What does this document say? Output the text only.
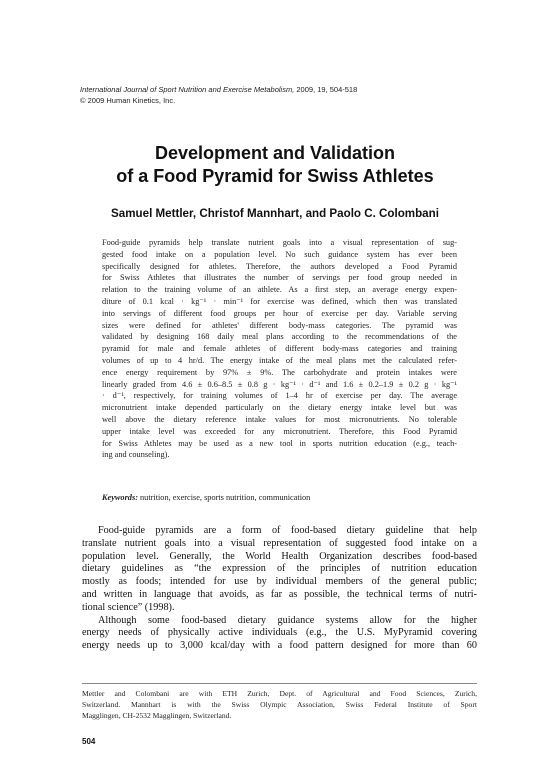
International Journal of Sport Nutrition and Exercise Metabolism, 2009, 19, 504-518
© 2009 Human Kinetics, Inc.
Development and Validation
of a Food Pyramid for Swiss Athletes
Samuel Mettler, Christof Mannhart, and Paolo C. Colombani
Food-guide pyramids help translate nutrient goals into a visual representation of sug-
gested food intake on a population level. No such guidance system has ever been
specifically designed for athletes. Therefore, the authors developed a Food Pyramid
for Swiss Athletes that illustrates the number of servings per food group needed in
relation to the training volume of an athlete. As a first step, an average energy expen-
diture of 0.1 kcal · kg⁻¹ · min⁻¹ for exercise was defined, which then was translated
into servings of different food groups per hour of exercise per day. Variable serving
sizes were defined for athletes' different body-mass categories. The pyramid was
validated by designing 168 daily meal plans according to the recommendations of the
pyramid for male and female athletes of different body-mass categories and training
volumes of up to 4 hr/d. The energy intake of the meal plans met the calculated refer-
ence energy requirement by 97% ± 9%. The carbohydrate and protein intakes were
linearly graded from 4.6 ± 0.6–8.5 ± 0.8 g · kg⁻¹ · d⁻¹ and 1.6 ± 0.2–1.9 ± 0.2 g · kg⁻¹
· d⁻¹, respectively, for training volumes of 1–4 hr of exercise per day. The average
micronutrient intake depended particularly on the dietary energy intake level but was
well above the dietary reference intake values for most micronutrients. No tolerable
upper intake level was exceeded for any micronutrient. Therefore, this Food Pyramid
for Swiss Athletes may be used as a new tool in sports nutrition education (e.g., teach-
ing and counseling).
Keywords: nutrition, exercise, sports nutrition, communication
Food-guide pyramids are a form of food-based dietary guideline that help
translate nutrient goals into a visual representation of suggested food intake on a
population level. Generally, the World Health Organization describes food-based
dietary guidelines as “the expression of the principles of nutrition education
mostly as foods; intended for use by individual members of the general public;
and written in language that avoids, as far as possible, the technical terms of nutri-
tional science” (1998).
Although some food-based dietary guidance systems allow for the higher
energy needs of physically active individuals (e.g., the U.S. MyPyramid covering
energy needs up to 3,000 kcal/day with a food pattern designed for more than 60
Mettler and Colombani are with ETH Zurich, Dept. of Agricultural and Food Sciences, Zurich,
Switzerland. Mannhart is with the Swiss Olympic Association, Swiss Federal Institute of Sport
Magglingen, CH-2532 Magglingen, Switzerland.
504
